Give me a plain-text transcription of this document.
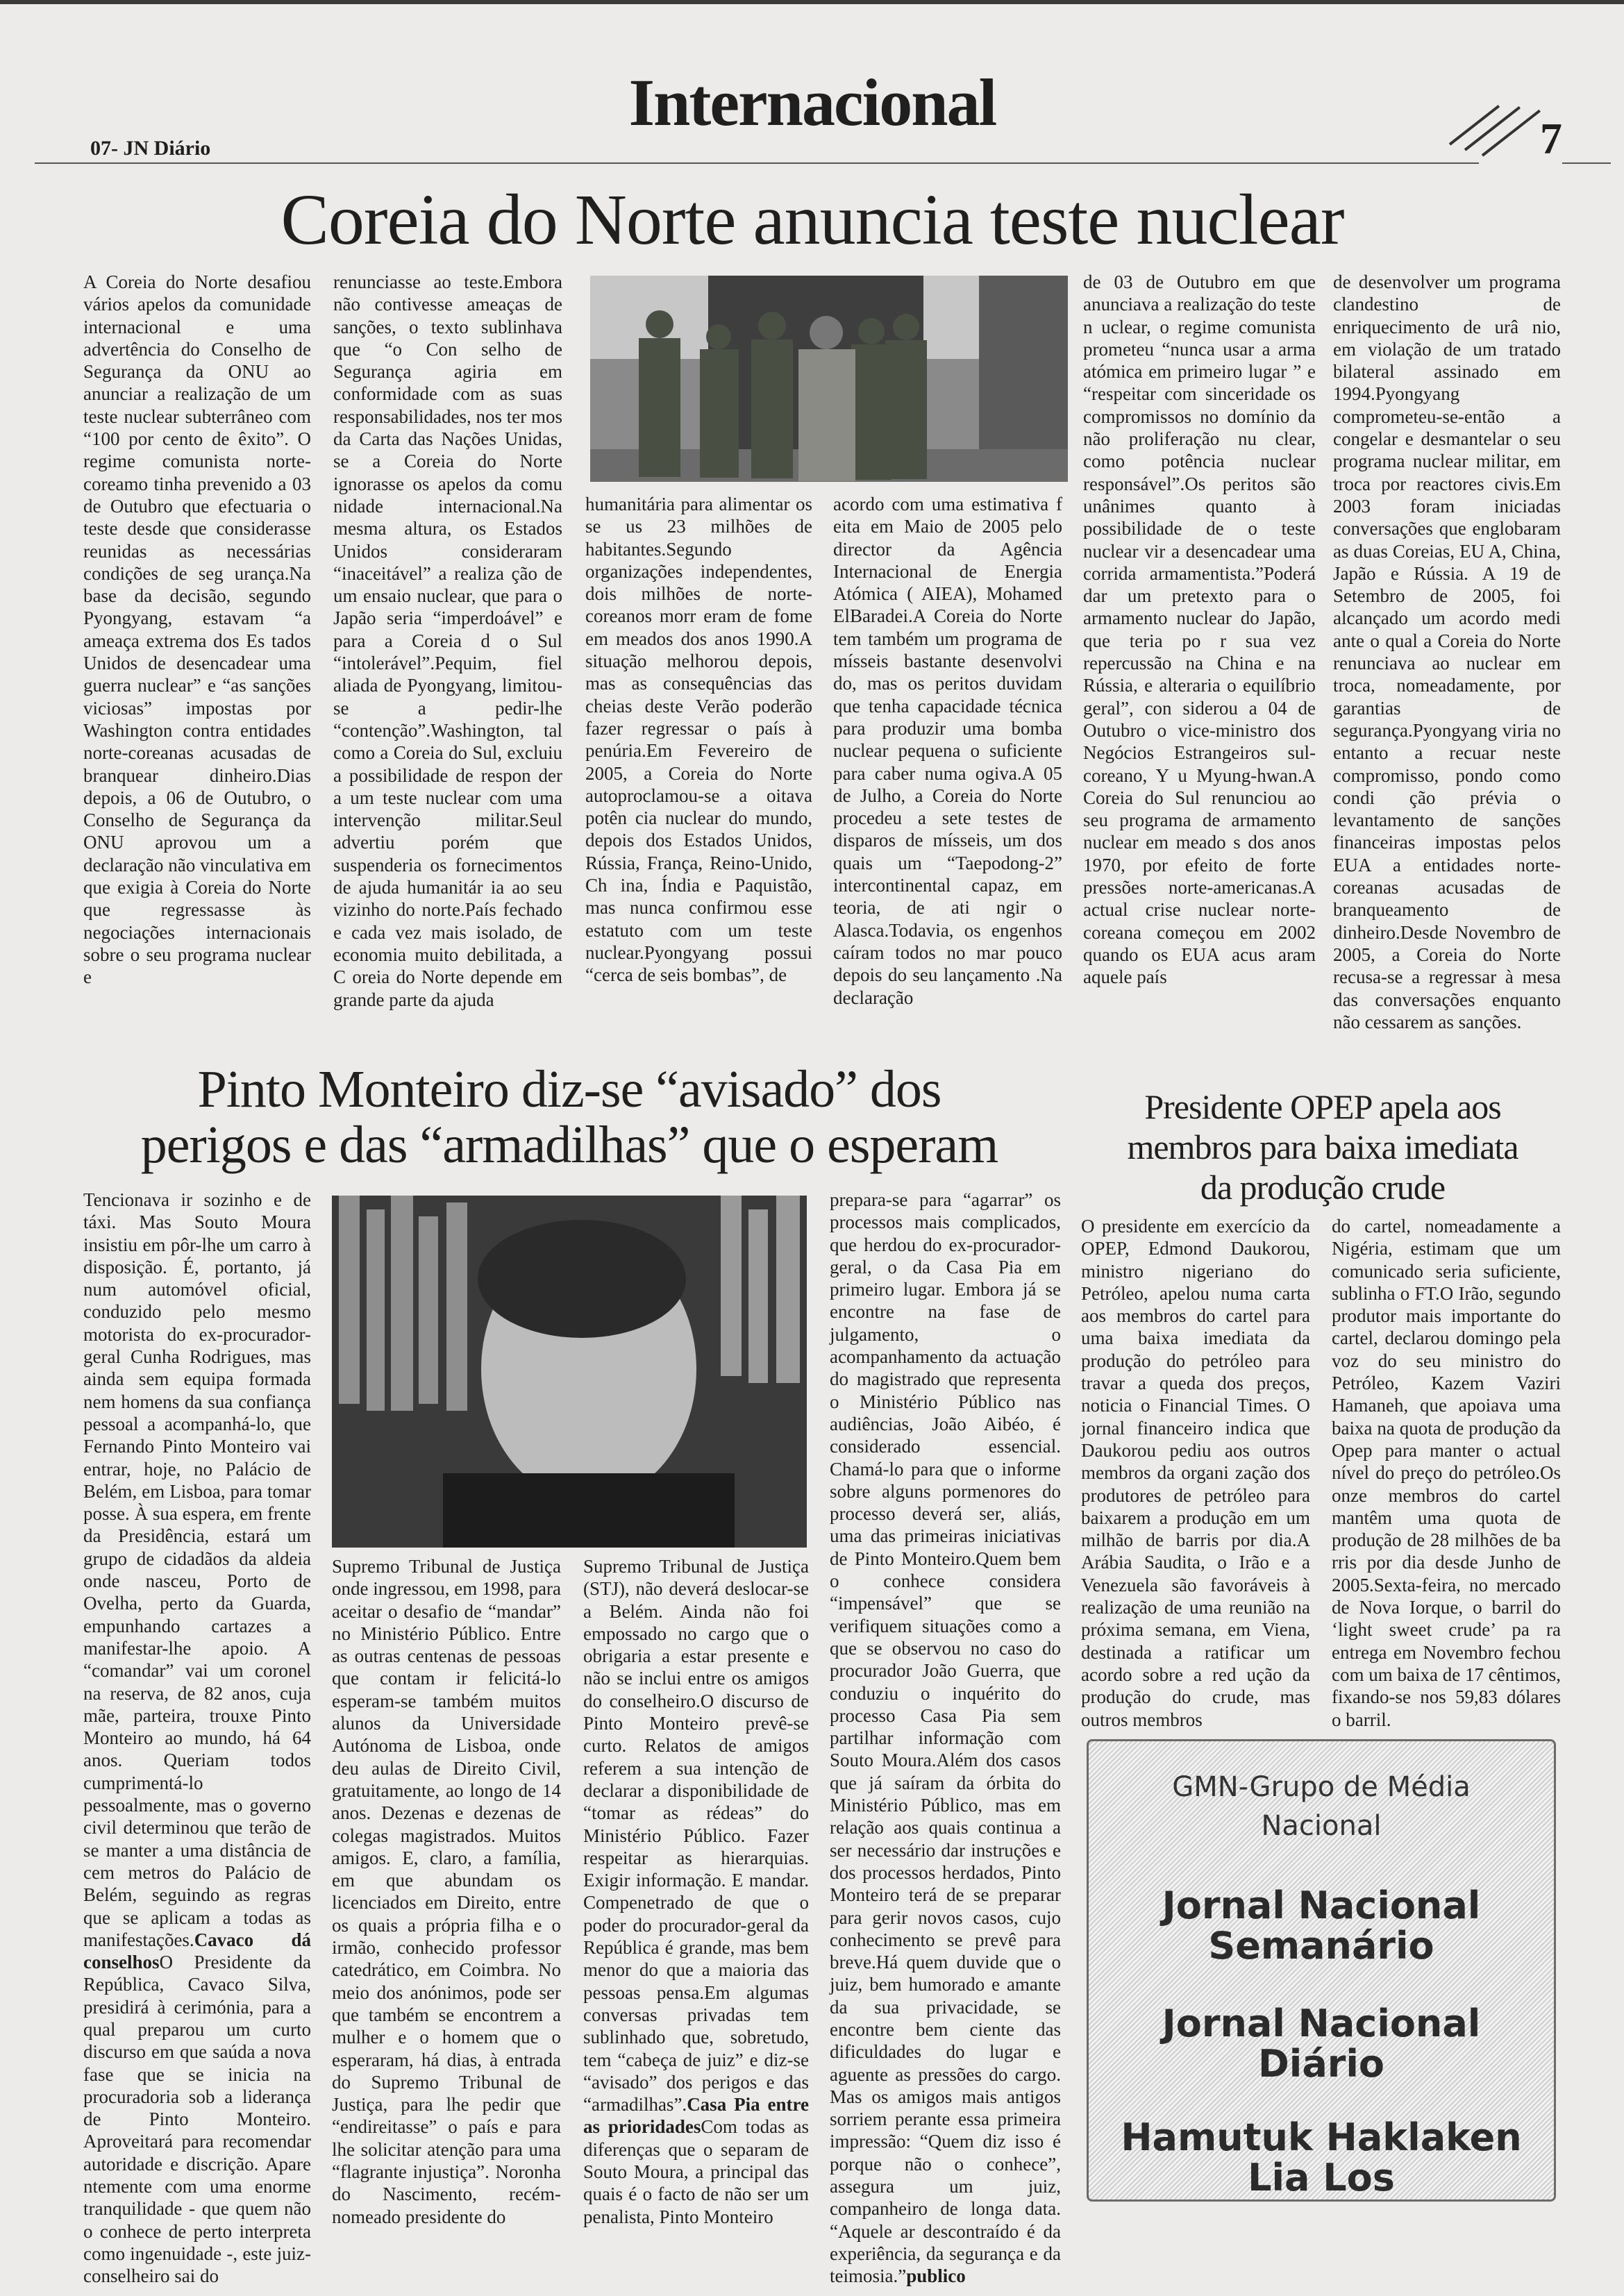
07- JN Diário
Internacional	7
Coreia do Norte anuncia teste nuclear
A Coreia do Norte desafiou vários apelos da comunidade internacional e uma advertência do Conselho de Segurança da ONU ao anunciar a realização de um teste nuclear subterrâneo com “100 por cento de êxito”. O regime comunista norte-coreamo tinha prevenido a 03 de Outubro que efectuaria o teste desde que considerasse reunidas as necessárias condições de seg urança.Na base da decisão, segundo Pyongyang, estavam “a ameaça extrema dos Es tados Unidos de desencadear uma guerra nuclear” e “as sanções viciosas” impostas por Washington contra entidades norte-coreanas acusadas de branquear dinheiro.Dias depois, a 06 de Outubro, o Conselho de Segurança da ONU aprovou um a declaração não vinculativa em que exigia à Coreia do Norte que regressasse às negociações internacionais sobre o seu programa nuclear e
renunciasse ao teste.Embora não contivesse ameaças de sanções, o texto sublinhava que “o Con selho de Segurança agiria em conformidade com as suas responsabilidades, nos ter mos da Carta das Nações Unidas, se a Coreia do Norte ignorasse os apelos da comu nidade internacional.Na mesma altura, os Estados Unidos consideraram “inaceitável” a realiza ção de um ensaio nuclear, que para o Japão seria “imperdoável” e para a Coreia d o Sul “intolerável”.Pequim, fiel aliada de Pyongyang, limitou-se a pedir-lhe “contenção”.Washington, tal como a Coreia do Sul, excluiu a possibilidade de respon der a um teste nuclear com uma intervenção militar.Seul advertiu porém que suspenderia os fornecimentos de ajuda humanitár ia ao seu vizinho do norte.País fechado e cada vez mais isolado, de economia muito debilitada, a C oreia do Norte depende em grande parte da ajuda
humanitária para alimentar os se us 23 milhões de habitantes.Segundo organizações independentes, dois milhões de norte-coreanos morr eram de fome em meados dos anos 1990.A situação melhorou depois, mas as consequências das cheias deste Verão poderão fazer regressar o país à penúria.Em Fevereiro de 2005, a Coreia do Norte autoproclamou-se a oitava potên cia nuclear do mundo, depois dos Estados Unidos, Rússia, França, Reino-Unido, Ch ina, Índia e Paquistão, mas nunca confirmou esse estatuto com um teste nuclear.Pyongyang possui “cerca de seis bombas”, de
acordo com uma estimativa f eita em Maio de 2005 pelo director da Agência Internacional de Energia Atómica ( AIEA), Mohamed ElBaradei.A Coreia do Norte tem também um programa de mísseis bastante desenvolvi do, mas os peritos duvidam que tenha capacidade técnica para produzir uma bomba nuclear pequena o suficiente para caber numa ogiva.A 05 de Julho, a Coreia do Norte procedeu a sete testes de disparos de mísseis, um dos quais um “Taepodong-2” intercontinental capaz, em teoria, de ati ngir o Alasca.Todavia, os engenhos caíram todos no mar pouco depois do seu lançamento .Na declaração
de 03 de Outubro em que anunciava a realização do teste n uclear, o regime comunista prometeu “nunca usar a arma atómica em primeiro lugar ” e “respeitar com sinceridade os compromissos no domínio da não proliferação nu clear, como potência nuclear responsável”.Os peritos são unânimes quanto à possibilidade de o teste nuclear vir a desencadear uma corrida armamentista.”Poderá dar um pretexto para o armamento nuclear do Japão, que teria po r sua vez repercussão na China e na Rússia, e alteraria o equilíbrio geral”, con siderou a 04 de Outubro o vice-ministro dos Negócios Estrangeiros sul-coreano, Y u Myung-hwan.A Coreia do Sul renunciou ao seu programa de armamento nuclear em meado s dos anos 1970, por efeito de forte pressões norte-americanas.A actual crise nuclear norte-coreana começou em 2002 quando os EUA acus aram aquele país
de desenvolver um programa clandestino de enriquecimento de urâ nio, em violação de um tratado bilateral assinado em 1994.Pyongyang comprometeu-se-então a congelar e desmantelar o seu programa nuclear militar, em troca por reactores civis.Em 2003 foram iniciadas conversações que englobaram as duas Coreias, EU A, China, Japão e Rússia. A 19 de Setembro de 2005, foi alcançado um acordo medi ante o qual a Coreia do Norte renunciava ao nuclear em troca, nomeadamente, por garantias de segurança.Pyongyang viria no entanto a recuar neste compromisso, pondo como condi ção prévia o levantamento de sanções financeiras impostas pelos EUA a entidades norte-coreanas acusadas de branqueamento de dinheiro.Desde Novembro de 2005, a Coreia do Norte recusa-se a regressar à mesa das conversações enquanto não cessarem as sanções.
Pinto Monteiro diz-se “avisado” dos
perigos e das “armadilhas” que o esperam
Tencionava ir sozinho e de táxi. Mas Souto Moura insistiu em pôr-lhe um carro à disposição. É, portanto, já num automóvel oficial, conduzido pelo mesmo motorista do ex-procurador-geral Cunha Rodrigues, mas ainda sem equipa formada nem homens da sua confiança pessoal a acompanhá-lo, que Fernando Pinto Monteiro vai entrar, hoje, no Palácio de Belém, em Lisboa, para tomar posse. À sua espera, em frente da Presidência, estará um grupo de cidadãos da aldeia onde nasceu, Porto de Ovelha, perto da Guarda, empunhando cartazes a manifestar-lhe apoio. A “comandar” vai um coronel na reserva, de 82 anos, cuja mãe, parteira, trouxe Pinto Monteiro ao mundo, há 64 anos. Queriam todos cumprimentá-lo pessoalmente, mas o governo civil determinou que terão de se manter a uma distância de cem metros do Palácio de Belém, seguindo as regras que se aplicam a todas as manifestações.Cavaco dá conselhosO Presidente da República, Cavaco Silva, presidirá à cerimónia, para a qual preparou um curto discurso em que saúda a nova fase que se inicia na procuradoria sob a liderança de Pinto Monteiro. Aproveitará para recomendar autoridade e discrição. Apare ntemente com uma enorme tranquilidade - que quem não o conhece de perto interpreta como ingenuidade -, este juiz-conselheiro sai do
Supremo Tribunal de Justiça onde ingressou, em 1998, para aceitar o desafio de “mandar” no Ministério Público. Entre as outras centenas de pessoas que contam ir felicitá-lo esperam-se também muitos alunos da Universidade Autónoma de Lisboa, onde deu aulas de Direito Civil, gratuitamente, ao longo de 14 anos. Dezenas e dezenas de colegas magistrados. Muitos amigos. E, claro, a família, em que abundam os licenciados em Direito, entre os quais a própria filha e o irmão, conhecido professor catedrático, em Coimbra. No meio dos anónimos, pode ser que também se encontrem a mulher e o homem que o esperaram, há dias, à entrada do Supremo Tribunal de Justiça, para lhe pedir que “endireitasse” o país e para lhe solicitar atenção para uma “flagrante injustiça”. Noronha do Nascimento, recém-nomeado presidente do
Supremo Tribunal de Justiça (STJ), não deverá deslocar-se a Belém. Ainda não foi empossado no cargo que o obrigaria a estar presente e não se inclui entre os amigos do conselheiro.O discurso de Pinto Monteiro prevê-se curto. Relatos de amigos referem a sua intenção de declarar a disponibilidade de “tomar as rédeas” do Ministério Público. Fazer respeitar as hierarquias. Exigir informação. E mandar. Compenetrado de que o poder do procurador-geral da República é grande, mas bem menor do que a maioria das pessoas pensa.Em algumas conversas privadas tem sublinhado que, sobretudo, tem “cabeça de juiz” e diz-se “avisado” dos perigos e das “armadilhas”.Casa Pia entre as prioridadesCom todas as diferenças que o separam de Souto Moura, a principal das quais é o facto de não ser um penalista, Pinto Monteiro
prepara-se para “agarrar” os processos mais complicados, que herdou do ex-procurador-geral, o da Casa Pia em primeiro lugar. Embora já se encontre na fase de julgamento, o acompanhamento da actuação do magistrado que representa o Ministério Público nas audiências, João Aibéo, é considerado essencial. Chamá-lo para que o informe sobre alguns pormenores do processo deverá ser, aliás, uma das primeiras iniciativas de Pinto Monteiro.Quem bem o conhece considera “impensável” que se verifiquem situações como a que se observou no caso do procurador João Guerra, que conduziu o inquérito do processo Casa Pia sem partilhar informação com Souto Moura.Além dos casos que já saíram da órbita do Ministério Público, mas em relação aos quais continua a ser necessário dar instruções e dos processos herdados, Pinto Monteiro terá de se preparar para gerir novos casos, cujo conhecimento se prevê para breve.Há quem duvide que o juiz, bem humorado e amante da sua privacidade, se encontre bem ciente das dificuldades do lugar e aguente as pressões do cargo. Mas os amigos mais antigos sorriem perante essa primeira impressão: “Quem diz isso é porque não o conhece”, assegura um juiz, companheiro de longa data. “Aquele ar descontraído é da experiência, da segurança e da teimosia.”publico
Presidente OPEP apela aos
membros para baixa imediata
da produção crude
O presidente em exercício da OPEP, Edmond Daukorou, ministro nigeriano do Petróleo, apelou numa carta aos membros do cartel para uma baixa imediata da produção do petróleo para travar a queda dos preços, noticia o Financial Times. O jornal financeiro indica que Daukorou pediu aos outros membros da organi zação dos produtores de petróleo para baixarem a produção em um milhão de barris por dia.A Arábia Saudita, o Irão e a Venezuela são favoráveis à realização de uma reunião na próxima semana, em Viena, destinada a ratificar um acordo sobre a red ução da produção do crude, mas outros membros
do cartel, nomeadamente a Nigéria, estimam que um comunicado seria suficiente, sublinha o FT.O Irão, segundo produtor mais importante do cartel, declarou domingo pela voz do seu ministro do Petróleo, Kazem Vaziri Hamaneh, que apoiava uma baixa na quota de produção da Opep para manter o actual nível do preço do petróleo.Os onze membros do cartel mantêm uma quota de produção de 28 milhões de ba rris por dia desde Junho de 2005.Sexta-feira, no mercado de Nova Iorque, o barril do ‘light sweet crude’ pa ra entrega em Novembro fechou com um baixa de 17 cêntimos, fixando-se nos 59,83 dólares o barril.
GMN-Grupo de Média
Nacional
Jornal Nacional
Semanário
Jornal Nacional
Diário
Hamutuk Haklaken
Lia Los
